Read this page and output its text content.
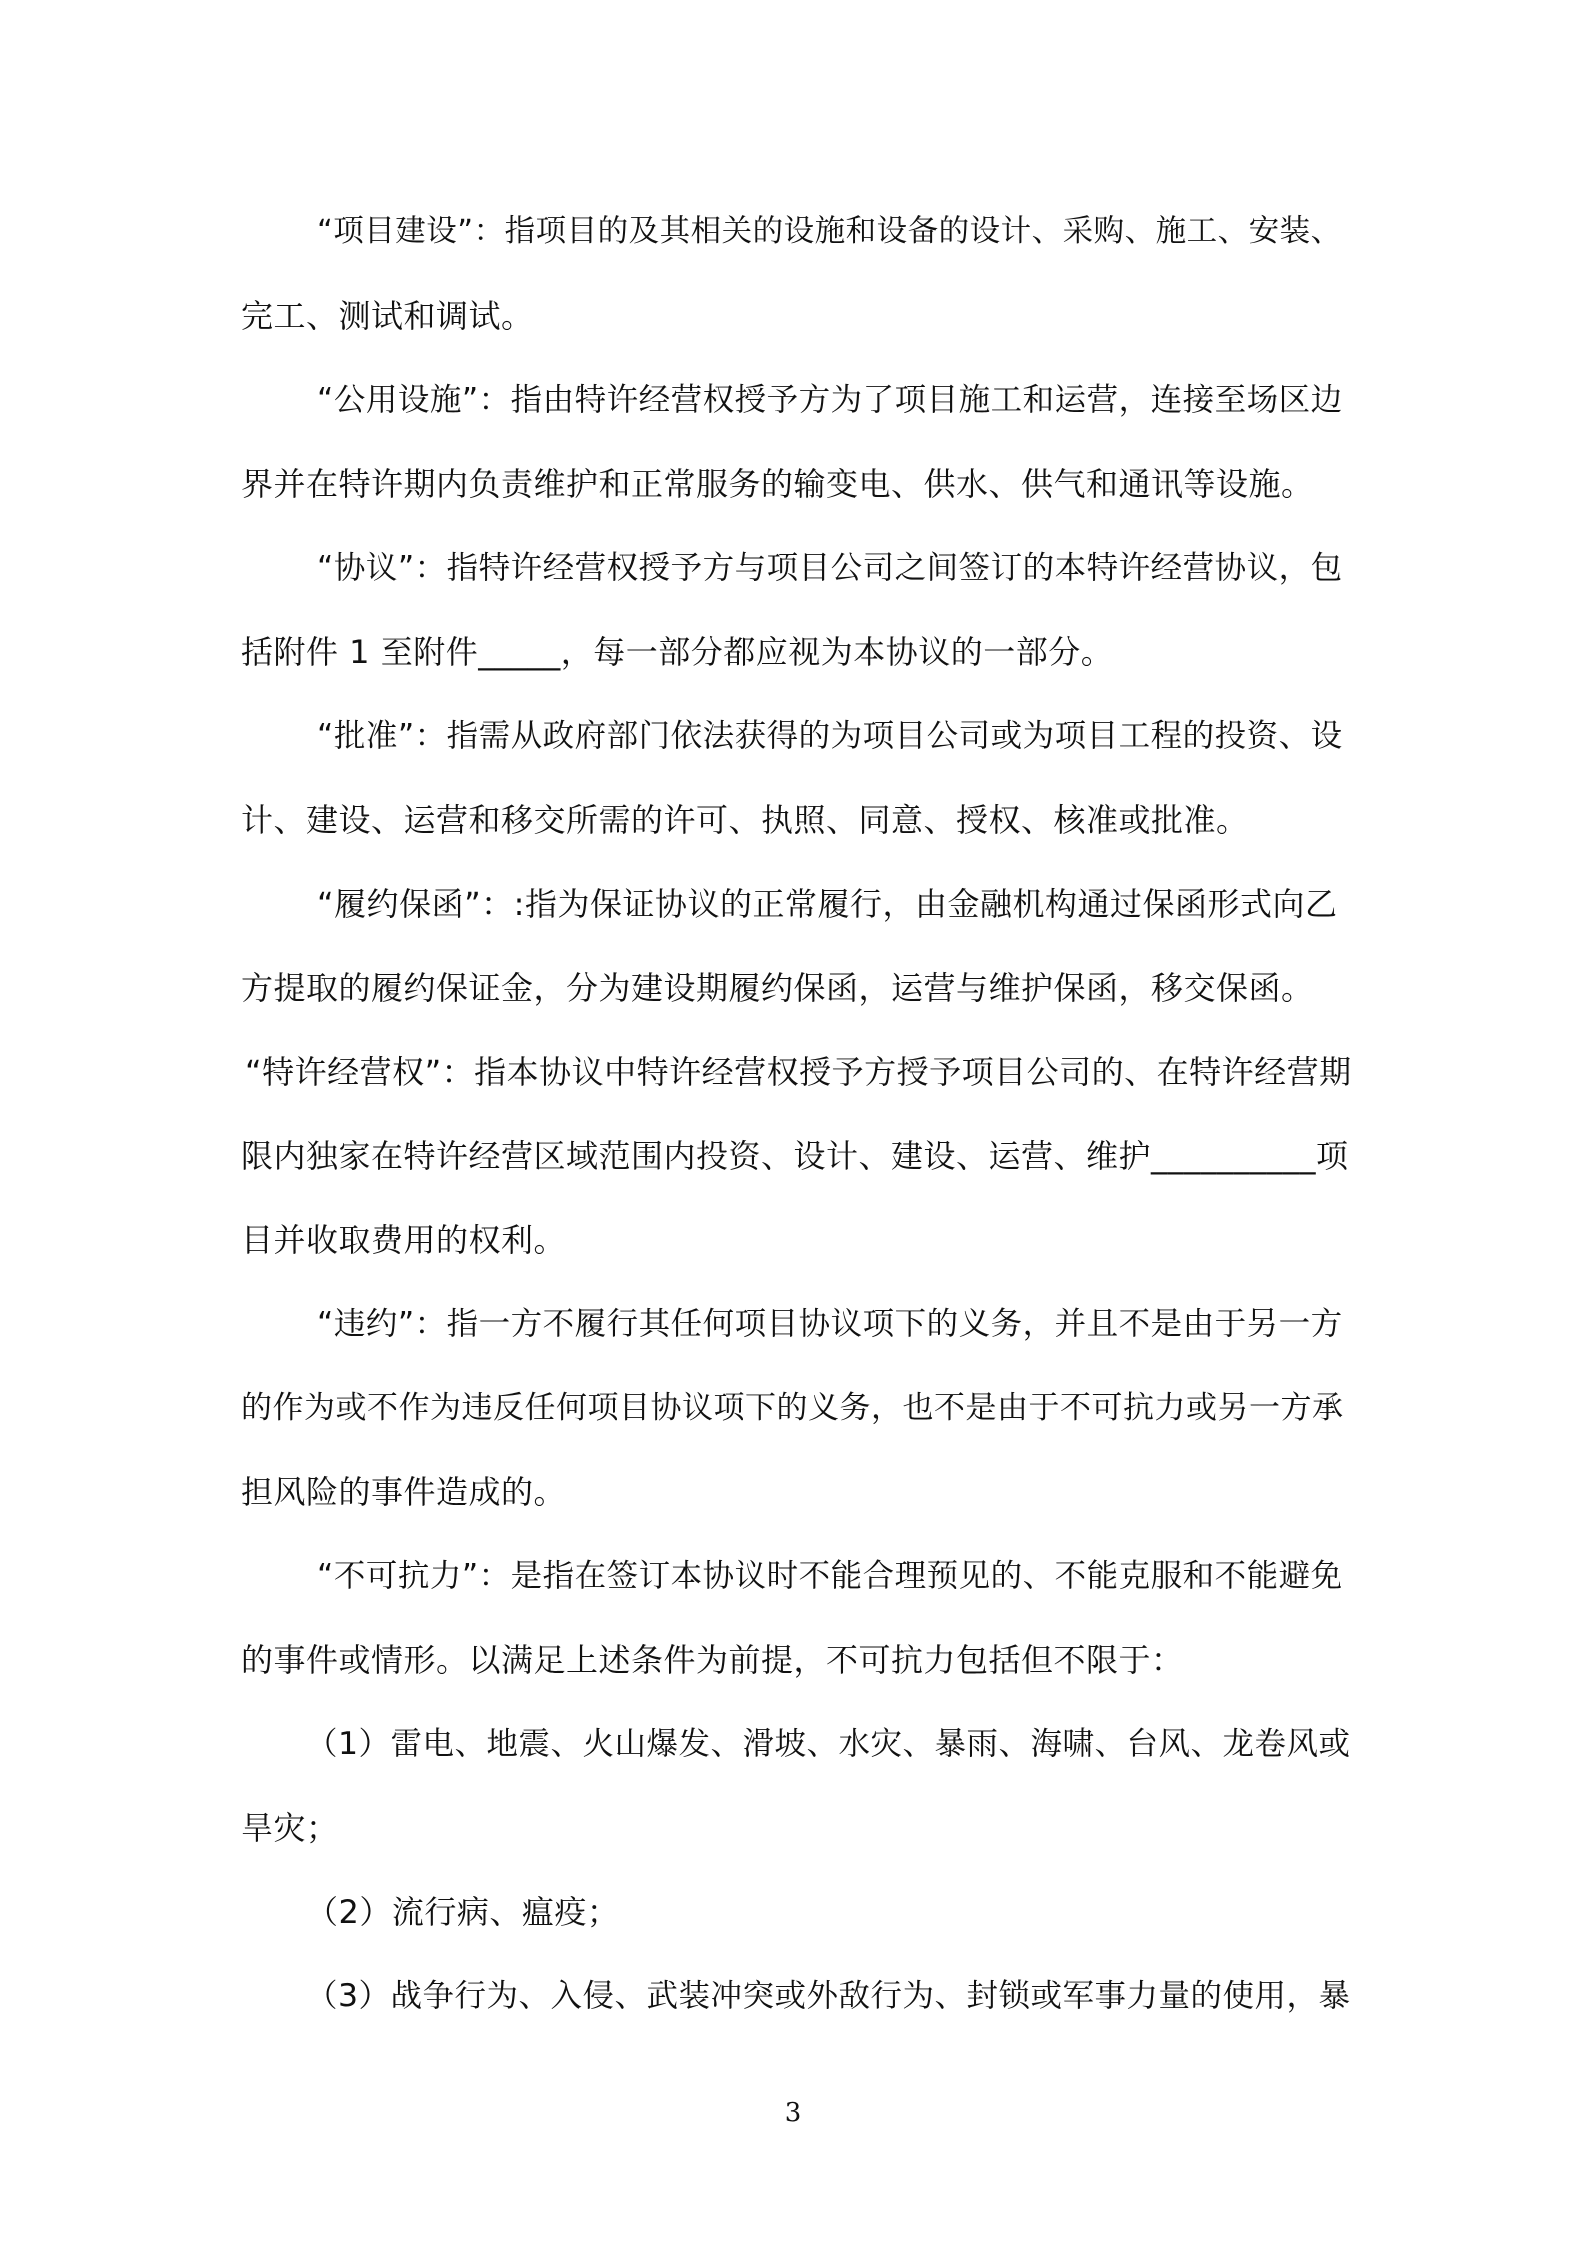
“项目建设”：指项目的及其相关的设施和设备的设计、采购、施工、安装、
完工、测试和调试。
“公用设施”：指由特许经营权授予方为了项目施工和运营，连接至场区边
界并在特许期内负责维护和正常服务的输变电、供水、供气和通讯等设施。
“协议”：指特许经营权授予方与项目公司之间签订的本特许经营协议，包
括附件 1 至附件_____，每一部分都应视为本协议的一部分。
“批准”：指需从政府部门依法获得的为项目公司或为项目工程的投资、设
计、建设、运营和移交所需的许可、执照、同意、授权、核准或批准。
“履约保函”：:指为保证协议的正常履行，由金融机构通过保函形式向乙
方提取的履约保证金，分为建设期履约保函，运营与维护保函，移交保函。
“特许经营权”：指本协议中特许经营权授予方授予项目公司的、在特许经营期
限内独家在特许经营区域范围内投资、设计、建设、运营、维护__________项
目并收取费用的权利。
“违约”：指一方不履行其任何项目协议项下的义务，并且不是由于另一方
的作为或不作为违反任何项目协议项下的义务，也不是由于不可抗力或另一方承
担风险的事件造成的。
“不可抗力”：是指在签订本协议时不能合理预见的、不能克服和不能避免
的事件或情形。以满足上述条件为前提，不可抗力包括但不限于：
（1）雷电、地震、火山爆发、滑坡、水灾、暴雨、海啸、台风、龙卷风或
旱灾；
（2）流行病、瘟疫；
（3）战争行为、入侵、武装冲突或外敌行为、封锁或军事力量的使用，暴
3
